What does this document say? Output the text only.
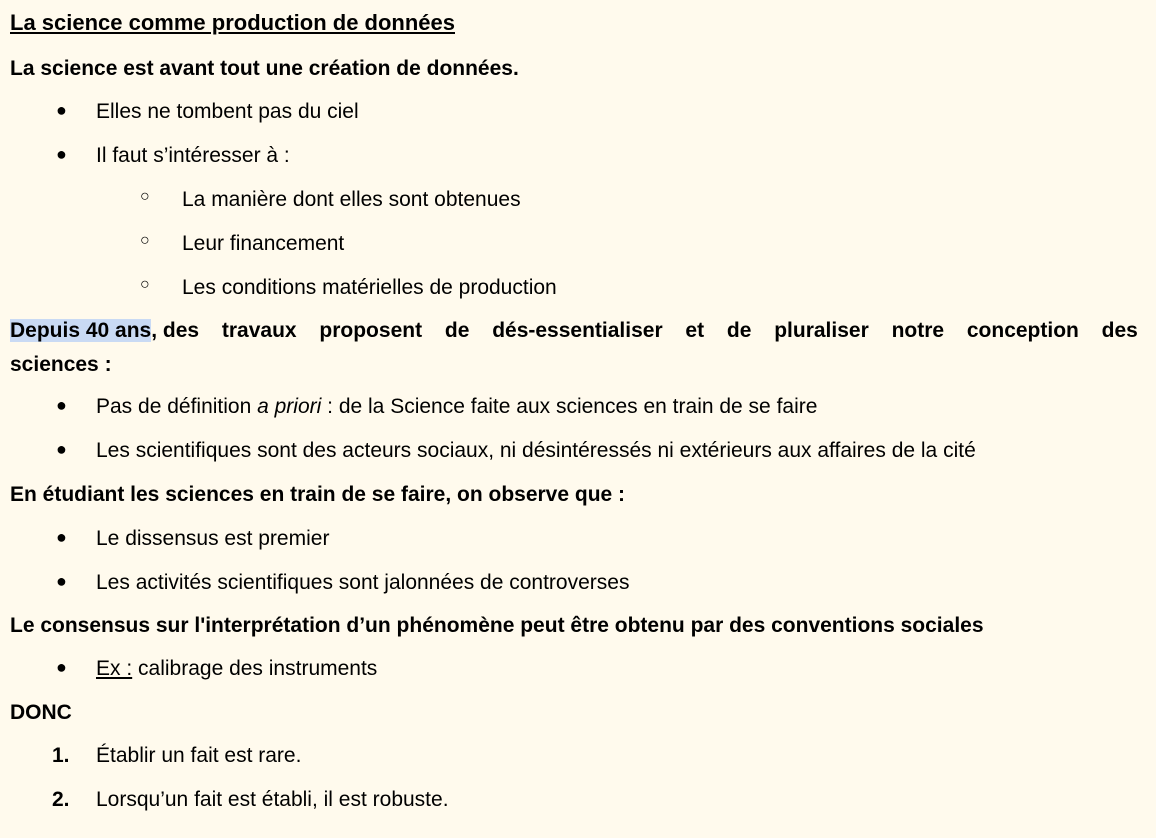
La science comme production de données
La science est avant tout une création de données.
● Elles ne tombent pas du ciel
● Il faut s’intéresser à :
○ La manière dont elles sont obtenues
○ Leur financement
○ Les conditions matérielles de production
Depuis 40 ans, des travaux proposent de dés-essentialiser et de pluraliser notre conception des
sciences :
● Pas de définition a priori : de la Science faite aux sciences en train de se faire
● Les scientifiques sont des acteurs sociaux, ni désintéressés ni extérieurs aux affaires de la cité
En étudiant les sciences en train de se faire, on observe que :
● Le dissensus est premier
● Les activités scientifiques sont jalonnées de controverses
Le consensus sur l'interprétation d’un phénomène peut être obtenu par des conventions sociales
● Ex : calibrage des instruments
DONC
1. Établir un fait est rare.
2. Lorsqu’un fait est établi, il est robuste.
